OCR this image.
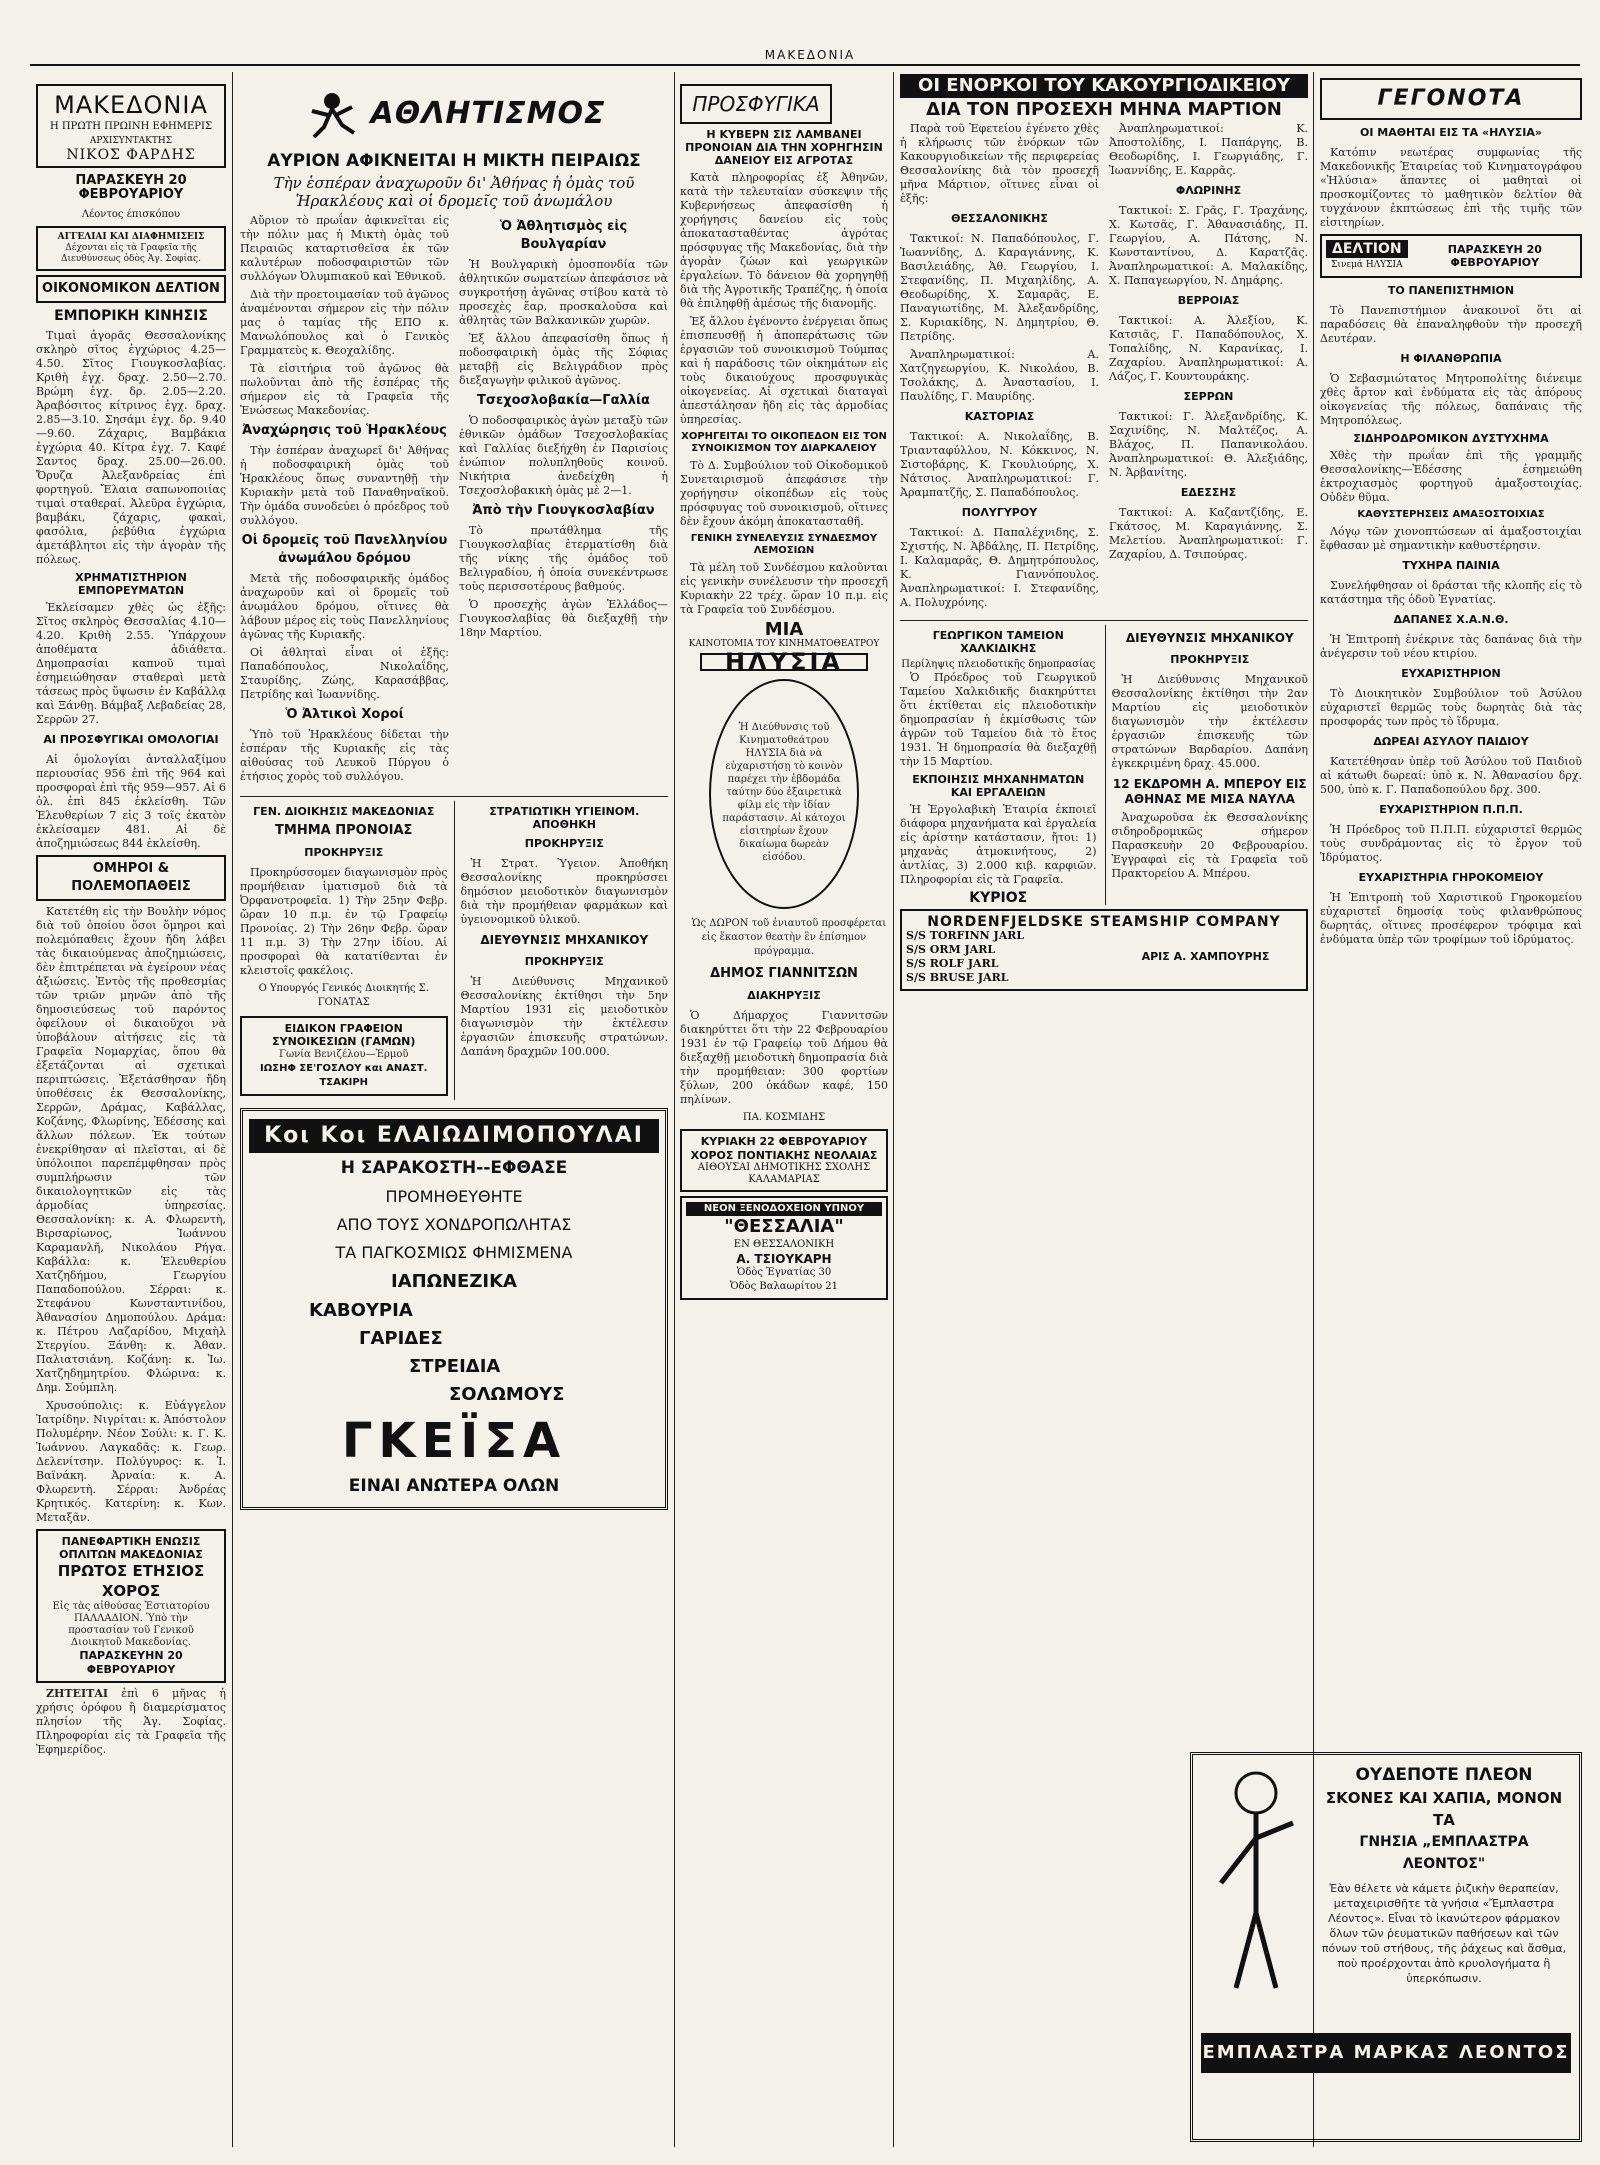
ΜΑΚΕΔΟΝΙΑ
ΜΑΚΕΔΟΝΙΑ
Η ΠΡΩΤΗ ΠΡΩΙΝΗ ΕΦΗΜΕΡΙΣ
ΑΡΧΙΣΥΝΤΑΚΤΗΣ
ΝΙΚΟΣ ΦΑΡΔΗΣ
ΠΑΡΑΣΚΕΥΗ 20 ΦΕΒΡΟΥΑΡΙΟΥ
Λέοντος έπισκόπου
ΑΓΓΕΛΙΑΙ ΚΑΙ ΔΙΑΦΗΜΙΣΕΙΣ
Δέχονται εἰς τὰ Γραφεῖα τῆς Διευθύνσεως ὁδὸς Ἁγ. Σοφίας.
ΟΙΚΟΝΟΜΙΚΟΝ ΔΕΛΤΙΟΝ
ΕΜΠΟΡΙΚΗ ΚΙΝΗΣΙΣ

Τιμαὶ ἀγορᾶς Θεσσαλονίκης σκληρὸ σῖτος ἐγχώριος 4.25—4.50. Σῖτος Γιουγκοσλαβίας. Κριθὴ ἐγχ. δραχ. 2.50—2.70. Βρώμη ἐγχ. δρ. 2.05—2.20. Ἀραβόσιτος κίτρινος ἐγχ. δραχ. 2.85—3.10. Σησάμι ἐγχ. δρ. 9.40—9.60. Ζάχαρις, Βαμβάκια ἐγχώρια 40. Κίτρα ἐγχ. 7. Καφέ Σαντος δραχ. 25.00—26.00. Ὄρυζα Ἀλεξανδρείας ἐπὶ φορτηγοῦ. Ἔλαια σαπωνοποιίας τιμαὶ σταθεραί. Ἀλεῦρα ἐγχώρια, βαμβάκι, ζάχαρις, φακαὶ, φασόλια, ῥεβύθια ἐγχώρια ἀμετάβλητοι εἰς τὴν ἀγορὰν τῆς πόλεως.

ΧΡΗΜΑΤΙΣΤΗΡΙΟΝ ΕΜΠΟΡΕΥΜΑΤΩΝ

Ἐκλείσαμεν χθὲς ὡς ἑξῆς: Σῖτος σκληρὸς Θεσσαλίας 4.10—4.20. Κριθὴ 2.55. Ὑπάρχουν ἀποθέματα ἀδιάθετα. Δημοπρασίαι καπνοῦ τιμαὶ ἐσημειώθησαν σταθεραὶ μετὰ τάσεως πρὸς ὕψωσιν ἐν Καβάλλᾳ καὶ Ξάνθῃ. Βάμβαξ Λεβαδείας 28, Σερρῶν 27.

ΑΙ ΠΡΟΣΦΥΓΙΚΑΙ ΟΜΟΛΟΓΙΑΙ

Αἱ ὁμολογίαι ἀνταλλαξίμου περιουσίας 956 ἐπὶ τῆς 964 καὶ προσφοραὶ ἐπὶ τῆς 959—957. Αἱ 6 ὁλ. ἐπὶ 845 ἐκλείσθη. Τῶν Ἐλευθερίων 7 εἰς 3 τοῖς ἑκατὸν ἐκλείσαμεν 481. Αἱ δὲ ἀποζημιώσεως 844 ἐκλείσθη.

ΟΜΗΡΟΙ & ΠΟΛΕΜΟΠΑΘΕΙΣ

Κατετέθη εἰς τὴν Βουλὴν νόμος διὰ τοῦ ὁποίου ὅσοι ὅμηροι καὶ πολεμόπαθεις ἔχουν ἤδη λάβει τὰς δικαιούμενας ἀποζημιώσεις, δὲν ἐπιτρέπεται νὰ ἐγείρουν νέας ἀξιώσεις. Ἐντὸς τῆς προθεσμίας τῶν τριῶν μηνῶν ἀπὸ τῆς δημοσιεύσεως τοῦ παρόντος ὀφείλουν οἱ δικαιοῦχοι νὰ ὑποβάλουν αἰτήσεις εἰς τὰ Γραφεῖα Νομαρχίας, ὅπου θὰ ἐξετάζονται αἱ σχετικαὶ περιπτώσεις. Ἐξετάσθησαν ἤδη ὑποθέσεις ἐκ Θεσσαλονίκης, Σερρῶν, Δράμας, Καβάλλας, Κοζάνης, Φλωρίνης, Ἐδέσσης καὶ ἄλλων πόλεων. Ἐκ τούτων ἐνεκρίθησαν αἱ πλεῖσται, αἱ δὲ ὑπόλοιποι παρεπέμφθησαν πρὸς συμπλήρωσιν τῶν δικαιολογητικῶν εἰς τὰς ἁρμοδίας ὑπηρεσίας. Θεσσαλονίκη: κ. Α. Φλωρεντὴ, Βιρσαρίωνος, Ἰωάννου Καραμανλῆ, Νικολάου Ρήγα. Καβάλλα: κ. Ἐλευθερίου Χατζηδήμου, Γεωργίου Παπαδοπούλου. Σέρραι: κ. Στεφάνου Κωνσταντινίδου, Ἀθανασίου Δημοπούλου. Δράμα: κ. Πέτρου Λαζαρίδου, Μιχαὴλ Στεργίου. Ξάνθη: κ. Ἀθαν. Παλιατσιάνη. Κοζάνη: κ. Ἰω. Χατζηδημητρίου. Φλώρινα: κ. Δημ. Σούμπλη.

Χρυσούπολις: κ. Εὐάγγελον Ἰατρίδην. Νιγρίται: κ. Ἀπόστολον Πολυμέρην. Νέον Σούλι: κ. Γ. Κ. Ἰωάννου. Λαγκαδᾶς: κ. Γεωρ. Δελενίτσην. Πολύγυρος: κ. Ἰ. Βαϊνάκη. Ἀρναία: κ. Α. Φλωρεντὴ. Σέρραι: Ἀνδρέας Κρητικός. Κατερίνη: κ. Κων. Μεταξᾶν.

ΠΑΝΕΦΑΡΤΙΚΗ ΕΝΩΣΙΣ ΟΠΛΙΤΩΝ ΜΑΚΕΔΟΝΙΑΣ
ΠΡΩΤΟΣ ΕΤΗΣΙΟΣ ΧΟΡΟΣ
Εἰς τὰς αἰθούσας Ἑστιατορίου ΠΑΛΛΑΔΙΟΝ. Ὑπὸ τὴν προστασίαν τοῦ Γενικοῦ Διοικητοῦ Μακεδονίας.
ΠΑΡΑΣΚΕΥΗΝ 20 ΦΕΒΡΟΥΑΡΙΟΥ

ΖΗΤΕΙΤΑΙ ἐπὶ 6 μῆνας ἡ χρήσις ὁρόφου ἢ διαμερίσματος πλησίον τῆς Ἁγ. Σοφίας. Πληροφορίαι εἰς τὰ Γραφεῖα τῆς Ἐφημερίδος.

ΑΘΛΗΤΙΣΜΟΣ
ΑΥΡΙΟΝ ΑΦΙΚΝΕΙΤΑΙ Η ΜΙΚΤΗ ΠΕΙΡΑΙΩΣ
Τὴν ἑσπέραν ἀναχωροῦν δι' Ἀθήνας ἡ ὁμὰς τοῦ Ἡρακλέους καὶ οἱ δρομεῖς τοῦ ἀνωμάλου

Αὔριον τὸ πρωΐαν ἀφικνεῖται εἰς τὴν πόλιν μας ἡ Μικτὴ ὁμὰς τοῦ Πειραιῶς καταρτισθεῖσα ἐκ τῶν καλυτέρων ποδοσφαιριστῶν τῶν συλλόγων Ὀλυμπιακοῦ καὶ Ἐθνικοῦ.

Διὰ τὴν προετοιμασίαν τοῦ ἀγῶνος ἀναμένονται σήμερον εἰς τὴν πόλιν μας ὁ ταμίας τῆς ΕΠΟ κ. Μανωλόπουλος καὶ ὁ Γενικὸς Γραμματεὺς κ. Θεοχαλίδης.

Τὰ εἰσιτήρια τοῦ ἀγῶνος θὰ πωλοῦνται ἀπὸ τῆς ἑσπέρας τῆς σήμερον εἰς τὰ Γραφεῖα τῆς Ἐνώσεως Μακεδονίας.

Ἀναχώρησις τοῦ Ἡρακλέους

Τὴν ἑσπέραν ἀναχωρεῖ δι' Ἀθήνας ἡ ποδοσφαιρικὴ ὁμὰς τοῦ Ἡρακλέους ὅπως συναντηθῇ τὴν Κυριακὴν μετὰ τοῦ Παναθηναϊκοῦ. Τὴν ὁμάδα συνοδεύει ὁ πρόεδρος τοῦ συλλόγου.

Οἱ δρομεῖς τοῦ Πανελληνίου ἀνωμάλου δρόμου

Μετὰ τῆς ποδοσφαιρικῆς ὁμάδος ἀναχωροῦν καὶ οἱ δρομεῖς τοῦ ἀνωμάλου δρόμου, οἵτινες θὰ λάβουν μέρος εἰς τοὺς Πανελληνίους ἀγῶνας τῆς Κυριακῆς.

Οἱ ἀθληταὶ εἶναι οἱ ἑξῆς: Παπαδόπουλος, Νικολαΐδης, Σταυρίδης, Ζώης, Καρασάββας, Πετρίδης καὶ Ἰωαννίδης.

Ὁ Ἀλτικοὶ Χοροί

Ὑπὸ τοῦ Ἡρακλέους δίδεται τὴν ἑσπέραν τῆς Κυριακῆς εἰς τὰς αἰθούσας τοῦ Λευκοῦ Πύργου ὁ ἐτήσιος χορὸς τοῦ συλλόγου.

Ὁ Ἀθλητισμὸς εἰς Βουλγαρίαν

Ἡ Βουλγαρικὴ ὁμοσπονδία τῶν ἀθλητικῶν σωματείων ἀπεφάσισε νὰ συγκροτήσῃ ἀγῶνας στίβου κατὰ τὸ προσεχὲς ἔαρ, προσκαλοῦσα καὶ ἀθλητὰς τῶν Βαλκανικῶν χωρῶν.

Ἐξ ἄλλου ἀπεφασίσθη ὅπως ἡ ποδοσφαιρικὴ ὁμὰς τῆς Σόφιας μεταβῇ εἰς Βελιγράδιον πρὸς διεξαγωγὴν φιλικοῦ ἀγῶνος.

Τσεχοσλοβακία—Γαλλία

Ὁ ποδοσφαιρικὸς ἀγὼν μεταξὺ τῶν ἐθνικῶν ὁμάδων Τσεχοσλοβακίας καὶ Γαλλίας διεξήχθη ἐν Παρισίοις ἐνώπιον πολυπληθοῦς κοινοῦ. Νικήτρια ἀνεδείχθη ἡ Τσεχοσλοβακικὴ ὁμὰς μὲ 2—1.

Ἀπὸ τὴν Γιουγκοσλαβίαν

Τὸ πρωτάθλημα τῆς Γιουγκοσλαβίας ἐτερματίσθη διὰ τῆς νίκης τῆς ὁμάδος τοῦ Βελιγραδίου, ἡ ὁποία συνεκέντρωσε τοὺς περισσοτέρους βαθμούς.

Ὁ προσεχὴς ἀγὼν Ἑλλάδος—Γιουγκοσλαβίας θὰ διεξαχθῇ τὴν 18ην Μαρτίου.

ΓΕΝ. ΔΙΟΙΚΗΣΙΣ ΜΑΚΕΔΟΝΙΑΣ
ΤΜΗΜΑ ΠΡΟΝΟΙΑΣ
ΠΡΟΚΗΡΥΞΙΣ

Προκηρύσσομεν διαγωνισμὸν πρὸς προμήθειαν ἱματισμοῦ διὰ τὰ Ὀρφανοτροφεῖα. 1) Τὴν 25ην Φεβρ. ὥραν 10 π.μ. ἐν τῷ Γραφείῳ Προνοίας. 2) Τὴν 26ην Φεβρ. ὥραν 11 π.μ. 3) Τὴν 27ην ἰδίου. Αἱ προσφοραὶ θὰ κατατίθενται ἐν κλειστοῖς φακέλοις.

Ο Υπουργός Γενικός Διοικητής Σ. ΓΟΝΑΤΑΣ
ΕΙΔΙΚΟΝ ΓΡΑΦΕΙΟΝ ΣΥΝΟΙΚΕΣΙΩΝ (ΓΑΜΩΝ)
Γωνία Βενιζέλου—Ἑρμοῦ
ΙΩΣΗΦ ΣΕ'ΓΟΣΛΟΥ και ΑΝΑΣΤ. ΤΣΑΚΙΡΗ
ΣΤΡΑΤΙΩΤΙΚΗ ΥΓΙΕΙΝΟΜ. ΑΠΟΘΗΚΗ
ΠΡΟΚΗΡΥΞΙΣ

Ἡ Στρατ. Ὑγειον. Ἀποθήκη Θεσσαλονίκης προκηρύσσει δημόσιον μειοδοτικὸν διαγωνισμὸν διὰ τὴν προμήθειαν φαρμάκων καὶ ὑγειονομικοῦ ὑλικοῦ.

ΔΙΕΥΘΥΝΣΙΣ ΜΗΧΑΝΙΚΟΥ
ΠΡΟΚΗΡΥΞΙΣ

Ἡ Διεύθυνσις Μηχανικοῦ Θεσσαλονίκης ἐκτίθησι τὴν 5ην Μαρτίου 1931 εἰς μειοδοτικὸν διαγωνισμὸν τὴν ἐκτέλεσιν ἐργασιῶν ἐπισκευῆς στρατώνων. Δαπάνη δραχμῶν 100.000.

Κοι Κοι ΕΛΑΙΩΔΙΜΟΠΟΥΛΑΙ
Η ΣΑΡΑΚΟΣΤΗ--ΕΦΘΑΣΕ
ΠΡΟΜΗΘΕΥΘΗΤΕ
ΑΠΟ ΤΟΥΣ ΧΟΝΔΡΟΠΩΛΗΤΑΣ
ΤΑ ΠΑΓΚΟΣΜΙΩΣ ΦΗΜΙΣΜΕΝΑ
ΙΑΠΩΝΕΖΙΚΑ
ΚΑΒΟΥΡΙΑ
ΓΑΡΙΔΕΣ
ΣΤΡΕΙΔΙΑ
ΣΟΛΩΜΟΥΣ
ΓΚΕΪΣΑ
ΕΙΝΑΙ ΑΝΩΤΕΡΑ ΟΛΩΝ
ΠΡΟΣΦΥΓΙΚΑ
Η ΚΥΒΕΡΝ ΣΙΣ ΛΑΜΒΑΝΕΙ ΠΡΟΝΟΙΑΝ ΔΙΑ ΤΗΝ ΧΟΡΗΓΗΣΙΝ ΔΑΝΕΙΟΥ ΕΙΣ ΑΓΡΟΤΑΣ

Κατὰ πληροφορίας ἐξ Ἀθηνῶν, κατὰ τὴν τελευταίαν σύσκεψιν τῆς Κυβερνήσεως ἀπεφασίσθη ἡ χορήγησις δανείου εἰς τοὺς ἀποκατασταθέντας ἀγρότας πρόσφυγας τῆς Μακεδονίας, διὰ τὴν ἀγορὰν ζώων καὶ γεωργικῶν ἐργαλείων. Τὸ δάνειον θὰ χορηγηθῇ διὰ τῆς Ἀγροτικῆς Τραπέζης, ἡ ὁποία θὰ ἐπιληφθῇ ἀμέσως τῆς διανομῆς.

Ἐξ ἄλλου ἐγένοντο ἐνέργειαι ὅπως ἐπισπευσθῇ ἡ ἀποπεράτωσις τῶν ἐργασιῶν τοῦ συνοικισμοῦ Τούμπας καὶ ἡ παράδοσις τῶν οἰκημάτων εἰς τοὺς δικαιούχους προσφυγικὰς οἰκογενείας. Αἱ σχετικαὶ διαταγαὶ ἀπεστάλησαν ἤδη εἰς τὰς ἁρμοδίας ὑπηρεσίας.

ΧΟΡΗΓΕΙΤΑΙ ΤΟ ΟΙΚΟΠΕΔΟΝ ΕΙΣ ΤΟΝ ΣΥΝΟΙΚΙΣΜΟΝ ΤΟΥ ΔΙΑΡΚΑΛΕΙΟΥ

Τὸ Δ. Συμβούλιον τοῦ Οἰκοδομικοῦ Συνεταιρισμοῦ ἀπεφάσισε τὴν χορήγησιν οἰκοπέδων εἰς τοὺς πρόσφυγας τοῦ συνοικισμοῦ, οἵτινες δὲν ἔχουν ἀκόμη ἀποκατασταθῆ.

ΓΕΝΙΚΗ ΣΥΝΕΛΕΥΣΙΣ ΣΥΝΔΕΣΜΟΥ ΛΕΜΟΣΙΩΝ

Τὰ μέλη τοῦ Συνδέσμου καλοῦνται εἰς γενικὴν συνέλευσιν τὴν προσεχῆ Κυριακὴν 22 τρέχ. ὥραν 10 π.μ. εἰς τὰ Γραφεῖα τοῦ Συνδέσμου.

ΜΙΑ
ΚΑΙΝΟΤΟΜΙΑ ΤΟΥ ΚΙΝΗΜΑΤΟΘΕΑΤΡΟΥ
ΗΛΥΣΙΑ
Ἡ Διεύθυνσις τοῦ Κινηματοθεάτρου ΗΛΥΣΙΑ διὰ νὰ εὐχαριστήσῃ τὸ κοινὸν παρέχει τὴν ἑβδομάδα ταύτην δύο ἐξαιρετικὰ φίλμ εἰς τὴν ἰδίαν παράστασιν. Αἱ κάτοχοι εἰσιτηρίων ἔχουν δικαίωμα δωρεὰν εἰσόδου.

Ὡς ΔΩΡΟΝ τοῦ ἐνιαυτοῦ προσφέρεται εἰς ἕκαστον θεατὴν ἓν ἐπίσημον πρόγραμμα.

ΔΗΜΟΣ ΓΙΑΝΝΙΤΣΩΝ
ΔΙΑΚΗΡΥΞΙΣ

Ὁ Δήμαρχος Γιαννιτσῶν διακηρύττει ὅτι τὴν 22 Φεβρουαρίου 1931 ἐν τῷ Γραφείῳ τοῦ Δήμου θὰ διεξαχθῇ μειοδοτικὴ δημοπρασία διὰ τὴν προμήθειαν: 300 φορτίων ξύλων, 200 ὀκάδων καφέ, 150 πηλίνων.

ΠΑ. ΚΟΣΜΙΔΗΣ
ΚΥΡΙΑΚΗ 22 ΦΕΒΡΟΥΑΡΙΟΥ
ΧΟΡΟΣ ΠΟΝΤΙΑΚΗΣ ΝΕΟΛΑΙΑΣ
ΑΙΘΟΥΣΑΙ ΔΗΜΟΤΙΚΗΣ ΣΧΟΛΗΣ ΚΑΛΑΜΑΡΙΑΣ
ΝΕΟΝ ΞΕΝΟΔΟΧΕΙΟΝ ΥΠΝΟΥ
"ΘΕΣΣΑΛΙΑ"
ΕΝ ΘΕΣΣΑΛΟΝΙΚΗ
Α. ΤΣΙΟΥΚΑΡΗ
Ὁδὸς Ἐγνατίας 30
Ὁδὸς Βαλαωρίτου 21
ΟΙ ΕΝΟΡΚΟΙ ΤΟΥ ΚΑΚΟΥΡΓΙΟΔΙΚΕΙΟΥ
ΔΙΑ ΤΟΝ ΠΡΟΣΕΧΗ ΜΗΝΑ ΜΑΡΤΙΟΝ

Παρὰ τοῦ Ἐφετείου ἐγένετο χθὲς ἡ κλήρωσις τῶν ἐνόρκων τῶν Κακουργιοδικείων τῆς περιφερείας Θεσσαλονίκης διὰ τὸν προσεχῆ μῆνα Μάρτιον, οἵτινες εἶναι οἱ ἑξῆς:

ΘΕΣΣΑΛΟΝΙΚΗΣ

Τακτικοί: Ν. Παπαδόπουλος, Γ. Ἰωαννίδης, Δ. Καραγιάννης, Κ. Βασιλειάδης, Ἀθ. Γεωργίου, Ι. Στεφανίδης, Π. Μιχαηλίδης, Α. Θεοδωρίδης, Χ. Σαμαρᾶς, Ε. Παναγιωτίδης, Μ. Ἀλεξανδρίδης, Σ. Κυριακίδης, Ν. Δημητρίου, Θ. Πετρίδης.

Ἀναπληρωματικοί: Α. Χατζηγεωργίου, Κ. Νικολάου, Β. Τσολάκης, Δ. Ἀναστασίου, Ι. Παυλίδης, Γ. Μαυρίδης.

ΚΑΣΤΟΡΙΑΣ

Τακτικοί: Α. Νικολαΐδης, Β. Τριανταφύλλου, Ν. Κόκκινος, Ν. Σιστοβάρης, Κ. Γκουλιούρης, Χ. Νάτσιος. Ἀναπληρωματικοί: Γ. Ἀραμπατζῆς, Σ. Παπαδόπουλος.

ΠΟΛΥΓΥΡΟΥ

Τακτικοί: Δ. Παπαλέχνιδης, Σ. Σχιστής, Ν. Ἀβδάλης, Π. Πετρίδης, Ι. Καλαμαρᾶς, Θ. Δημητρόπουλος, Κ. Γιαννόπουλος. Ἀναπληρωματικοί: Ι. Στεφανίδης, Α. Πολυχρόνης.

Ἀναπληρωματικοί: Κ. Ἀποστολίδης, Ι. Παπάργης, Β. Θεοδωρίδης, Ι. Γεωργιάδης, Γ. Ἰωαννίδης, Ε. Καρρᾶς.

ΦΛΩΡΙΝΗΣ

Τακτικοί: Σ. Γρᾶς, Γ. Τραχάνης, Χ. Κωτσᾶς, Γ. Ἀθανασιάδης, Π. Γεωργίου, Α. Πάτσης, Ν. Κωνσταντίνου, Δ. Καρατζᾶς. Ἀναπληρωματικοί: Α. Μαλακίδης, Χ. Παπαγεωργίου, Ν. Δημάρης.

ΒΕΡΡΟΙΑΣ

Τακτικοί: Α. Ἀλεξίου, Κ. Κατσιᾶς, Γ. Παπαδόπουλος, Χ. Τοπαλίδης, Ν. Καρανίκας, Ι. Ζαχαρίου. Ἀναπληρωματικοί: Α. Λάζος, Γ. Κουντουράκης.

ΣΕΡΡΩΝ

Τακτικοί: Γ. Ἀλεξανδρίδης, Κ. Σαχινίδης, Ν. Μαλτέζος, Α. Βλάχος, Π. Παπανικολάου. Ἀναπληρωματικοί: Θ. Ἀλεξιάδης, Ν. Ἀρβανίτης.

ΕΔΕΣΣΗΣ

Τακτικοί: Α. Καζαντζίδης, Ε. Γκάτσος, Μ. Καραγιάννης, Σ. Μελετίου. Ἀναπληρωματικοί: Γ. Ζαχαρίου, Δ. Τσιπούρας.

ΓΕΩΡΓΙΚΟΝ ΤΑΜΕΙΟΝ ΧΑΛΚΙΔΙΚΗΣ
Περίληψις πλειοδοτικῆς δημοπρασίας

Ὁ Πρόεδρος τοῦ Γεωργικοῦ Ταμείου Χαλκιδικῆς διακηρύττει ὅτι ἐκτίθεται εἰς πλειοδοτικὴν δημοπρασίαν ἡ ἐκμίσθωσις τῶν ἀγρῶν τοῦ Ταμείου διὰ τὸ ἔτος 1931. Ἡ δημοπρασία θὰ διεξαχθῇ τὴν 15 Μαρτίου.

ΕΚΠΟΙΗΣΙΣ ΜΗΧΑΝΗΜΑΤΩΝ ΚΑΙ ΕΡΓΑΛΕΙΩΝ

Ἡ Ἐργολαβικὴ Ἑταιρία ἐκποιεῖ διάφορα μηχανήματα καὶ ἐργαλεία εἰς ἀρίστην κατάστασιν, ἤτοι: 1) μηχανὰς ἀτμοκινήτους, 2) ἀντλίας, 3) 2.000 κιβ. καρφιῶν. Πληροφορίαι εἰς τὰ Γραφεῖα.

ΚΥΡΙΟΣ
ΔΙΕΥΘΥΝΣΙΣ ΜΗΧΑΝΙΚΟΥ
ΠΡΟΚΗΡΥΞΙΣ

Ἡ Διεύθυνσις Μηχανικοῦ Θεσσαλονίκης ἐκτίθησι τὴν 2αν Μαρτίου εἰς μειοδοτικὸν διαγωνισμὸν τὴν ἐκτέλεσιν ἐργασιῶν ἐπισκευῆς τῶν στρατώνων Βαρδαρίου. Δαπάνη ἐγκεκριμένη δραχ. 45.000.

12 ΕΚΔΡΟΜΗ Α. ΜΠΕΡΟΥ ΕΙΣ ΑΘΗΝΑΣ ΜΕ ΜΙΣΑ ΝΑΥΛΑ

Ἀναχωροῦσα ἐκ Θεσσαλονίκης σιδηροδρομικῶς σήμερον Παρασκευὴν 20 Φεβρουαρίου. Ἐγγραφαὶ εἰς τὰ Γραφεῖα τοῦ Πρακτορείου Α. Μπέρου.

NORDENFJELDSKE STEAMSHIP COMPANY
S/S TORFINN JARL
S/S ORM JARL
S/S ROLF JARL
S/S BRUSE JARL
ΑΡΙΣ Α. ΧΑΜΠΟΥΡΗΣ
ΓΕΓΟΝΟΤΑ
ΟΙ ΜΑΘΗΤΑΙ ΕΙΣ ΤΑ «ΗΛΥΣΙΑ»

Κατόπιν νεωτέρας συμφωνίας τῆς Μακεδονικῆς Ἑταιρείας τοῦ Κινηματογράφου «Ἠλύσια» ἅπαντες οἱ μαθηταὶ οἱ προσκομίζοντες τὸ μαθητικὸν δελτίον θὰ τυγχάνουν ἐκπτώσεως ἐπὶ τῆς τιμῆς τῶν εἰσιτηρίων.

ΔΕΛΤΙΟΝ
Σινεμά ΗΛΥΣΙΑ
ΠΑΡΑΣΚΕΥΗ 20 ΦΕΒΡΟΥΑΡΙΟΥ
ΤΟ ΠΑΝΕΠΙΣΤΗΜΙΟΝ

Τὸ Πανεπιστήμιον ἀνακοινοῖ ὅτι αἱ παραδόσεις θὰ ἐπαναληφθοῦν τὴν προσεχῆ Δευτέραν.

Η ΦΙΛΑΝΘΡΩΠΙΑ

Ὁ Σεβασμιώτατος Μητροπολίτης διένειμε χθὲς ἄρτον καὶ ἐνδύματα εἰς τὰς ἀπόρους οἰκογενείας τῆς πόλεως, δαπάναις τῆς Μητροπόλεως.

ΣΙΔΗΡΟΔΡΟΜΙΚΟΝ ΔΥΣΤΥΧΗΜΑ

Χθὲς τὴν πρωΐαν ἐπὶ τῆς γραμμῆς Θεσσαλονίκης—Ἐδέσσης ἐσημειώθη ἐκτροχιασμὸς φορτηγοῦ ἁμαξοστοιχίας. Οὐδὲν θῦμα.

ΚΑΘΥΣΤΕΡΗΣΕΙΣ ΑΜΑΞΟΣΤΟΙΧΙΑΣ

Λόγῳ τῶν χιονοπτώσεων αἱ ἁμαξοστοιχίαι ἔφθασαν μὲ σημαντικὴν καθυστέρησιν.

ΤΥΧΗΡΑ ΠΑΙΝΙΑ

Συνελήφθησαν οἱ δράσται τῆς κλοπῆς εἰς τὸ κατάστημα τῆς ὁδοῦ Ἐγνατίας.

ΔΑΠΑΝΕΣ Χ.Α.Ν.Θ.

Ἡ Ἐπιτροπὴ ἐνέκρινε τὰς δαπάνας διὰ τὴν ἀνέγερσιν τοῦ νέου κτιρίου.

ΕΥΧΑΡΙΣΤΗΡΙΟΝ

Τὸ Διοικητικὸν Συμβούλιον τοῦ Ἀσύλου εὐχαριστεῖ θερμῶς τοὺς δωρητὰς διὰ τὰς προσφοράς των πρὸς τὸ ἵδρυμα.

ΔΩΡΕΑΙ ΑΣΥΛΟΥ ΠΑΙΔΙΟΥ

Κατετέθησαν ὑπὲρ τοῦ Ἀσύλου τοῦ Παιδιοῦ αἱ κάτωθι δωρεαί: ὑπὸ κ. Ν. Ἀθανασίου δρχ. 500, ὑπὸ κ. Γ. Παπαδοπούλου δρχ. 300.

ΕΥΧΑΡΙΣΤΗΡΙΟΝ Π.Π.Π.

Ἡ Πρόεδρος τοῦ Π.Π.Π. εὐχαριστεῖ θερμῶς τοὺς συνδράμοντας εἰς τὸ ἔργον τοῦ Ἱδρύματος.

ΕΥΧΑΡΙΣΤΗΡΙΑ ΓΗΡΟΚΟΜΕΙΟΥ

Ἡ Ἐπιτροπὴ τοῦ Χαριστικοῦ Γηροκομείου εὐχαριστεῖ δημοσίᾳ τοὺς φιλανθρώπους δωρητάς, οἵτινες προσέφερον τρόφιμα καὶ ἐνδύματα ὑπὲρ τῶν τροφίμων τοῦ ἱδρύματος.

ΟΥΔΕΠΟΤΕ ΠΛΕΟΝ
ΣΚΟΝΕΣ ΚΑΙ ΧΑΠΙΑ, ΜΟΝΟΝ ΤΑ
ΓΝΗΣΙΑ „ΕΜΠΛΑΣΤΡΑ ΛΕΟΝΤΟΣ"

Ἐὰν θέλετε νὰ κάμετε ῥιζικὴν θεραπείαν, μεταχειρισθῆτε τὰ γνήσια «Ἔμπλαστρα Λέοντος». Εἶναι τὸ ἱκανώτερον φάρμακον ὅλων τῶν ῥευματικῶν παθήσεων καὶ τῶν πόνων τοῦ στήθους, τῆς ῥάχεως καὶ ἄσθμα, ποὺ προέρχονται ἀπὸ κρυολογήματα ἢ ὑπερκόπωσιν.

ΕΜΠΛΑΣΤΡΑ ΜΑΡΚΑΣ ΛΕΟΝΤΟΣ
